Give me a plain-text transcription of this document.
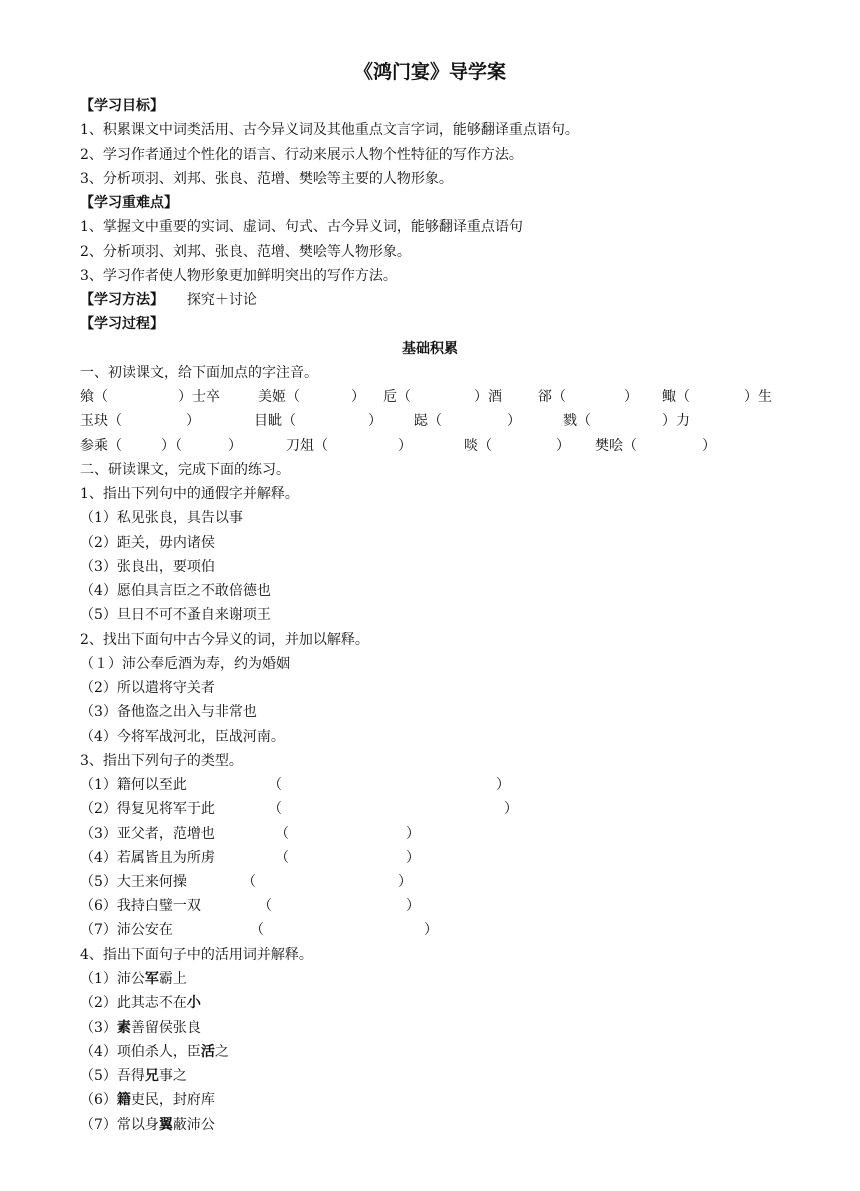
《鸿门宴》导学案
【学习目标】
1、积累课文中词类活用、古今异义词及其他重点文言字词，能够翻译重点语句。
2、学习作者通过个性化的语言、行动来展示人物个性特征的写作方法。
3、分析项羽、刘邦、张良、范增、樊哙等主要的人物形象。
【学习重难点】
1、掌握文中重要的实词、虚词、句式、古今异义词，能够翻译重点语句
2、分析项羽、刘邦、张良、范增、樊哙等人物形象。
3、学习作者使人物形象更加鲜明突出的写作方法。
【学习方法】 探究＋讨论
【学习过程】
基础积累
一、初读课文，给下面加点的字注音。
飨（	）士卒	美姬（	） 卮（	）酒	郤（	） 鲰（	）生
玉玦（	）	目眦（	） 跽（	）	戮（	）力
参乘（	）（	）	刀俎（	）	啖（	） 樊哙（	）
二、研读课文，完成下面的练习。
1、指出下列句中的通假字并解释。
（1）私见张良，具告以事
（2）距关，毋内诸侯
（3）张良出，要项伯
（4）愿伯具言臣之不敢倍德也
（5）旦日不可不蚤自来谢项王
2、找出下面句中古今异义的词，并加以解释。
（１）沛公奉卮酒为寿，约为婚姻
（2）所以遣将守关者
（3）备他盗之出入与非常也
（4）今将军战河北，臣战河南。
3、指出下列句子的类型。
（1）籍何以至此	（	）
（2）得复见将军于此	（	）
（3）亚父者，范增也	（	）
（4）若属皆且为所虏	（	）
（5）大王来何操	（	）
（6）我持白璧一双	（	）
（7）沛公安在	（	）
4、指出下面句子中的活用词并解释。
（1）沛公军霸上
（2）此其志不在小
（3）素善留侯张良
（4）项伯杀人，臣活之
（5）吾得兄事之
（6）籍吏民，封府库
（7）常以身翼蔽沛公
